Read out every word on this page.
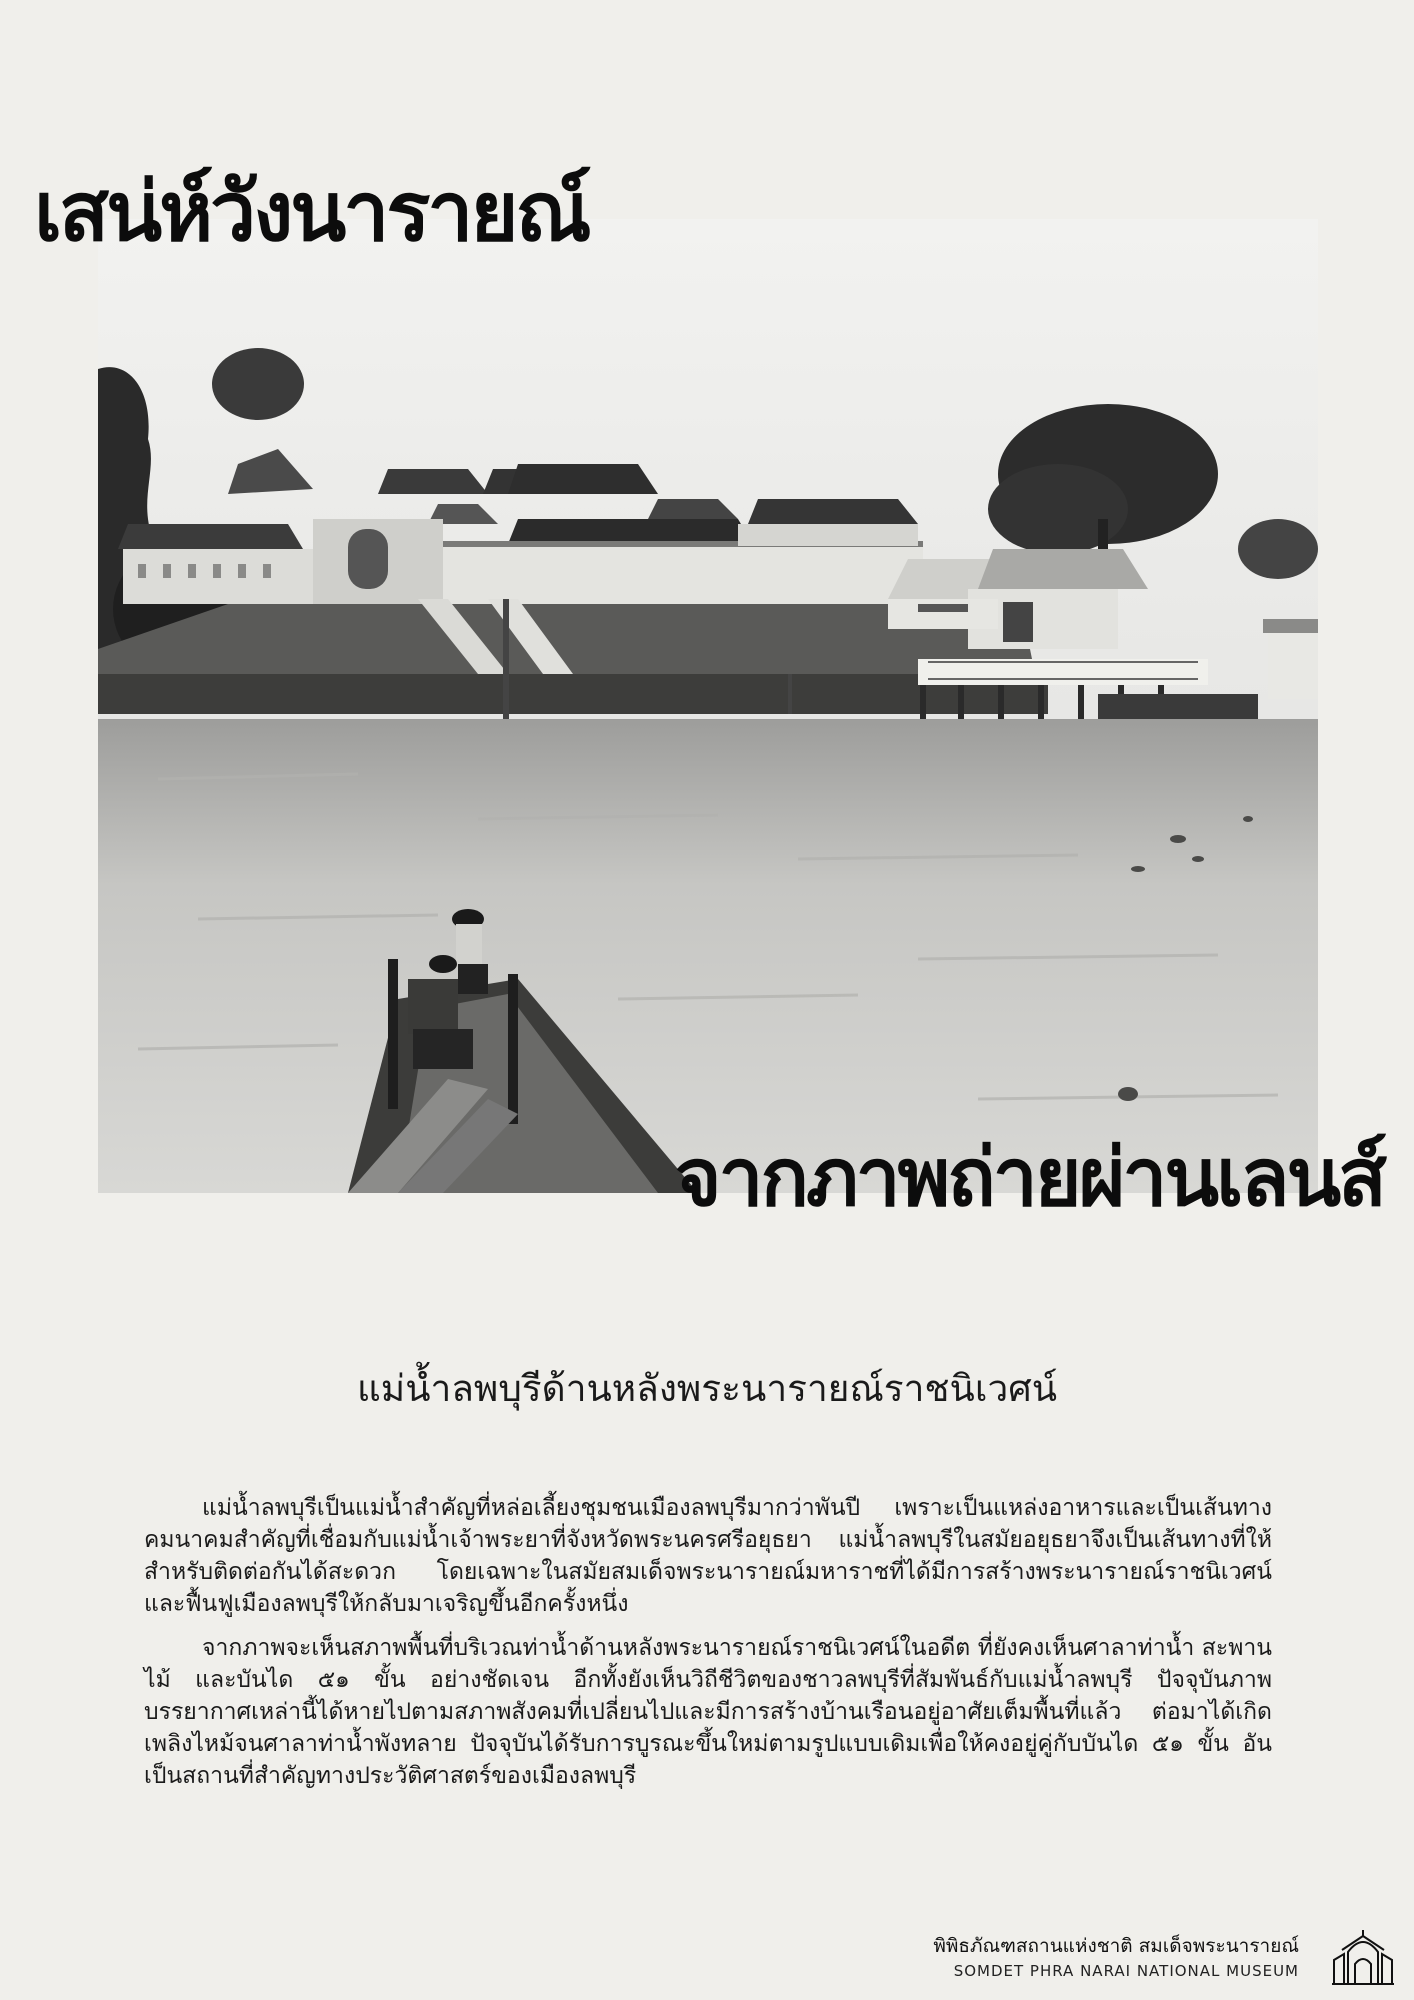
เสน่ห์วังนารายณ์
จากภาพถ่ายผ่านเลนส์
แม่น้ำลพบุรีด้านหลังพระนารายณ์ราชนิเวศน์

แม่น้ำลพบุรีเป็นแม่น้ำสำคัญที่หล่อเลี้ยงชุมชนเมืองลพบุรีมากว่าพันปี เพราะเป็นแหล่งอาหารและเป็นเส้นทางคมนาคมสำคัญที่เชื่อมกับแม่น้ำเจ้าพระยาที่จังหวัดพระนครศรีอยุธยา แม่น้ำลพบุรีในสมัยอยุธยาจึงเป็นเส้นทางที่ให้สำหรับติดต่อกันได้สะดวก โดยเฉพาะในสมัยสมเด็จพระนารายณ์มหาราชที่ได้มีการสร้างพระนารายณ์ราชนิเวศน์และฟื้นฟูเมืองลพบุรีให้กลับมาเจริญขึ้นอีกครั้งหนึ่ง

จากภาพจะเห็นสภาพพื้นที่บริเวณท่าน้ำด้านหลังพระนารายณ์ราชนิเวศน์ในอดีต ที่ยังคงเห็นศาลาท่าน้ำ สะพานไม้ และบันได ๕๑ ขั้น อย่างชัดเจน อีกทั้งยังเห็นวิถีชีวิตของชาวลพบุรีที่สัมพันธ์กับแม่น้ำลพบุรี ปัจจุบันภาพบรรยากาศเหล่านี้ได้หายไปตามสภาพสังคมที่เปลี่ยนไปและมีการสร้างบ้านเรือนอยู่อาศัยเต็มพื้นที่แล้ว ต่อมาได้เกิดเพลิงไหม้จนศาลาท่าน้ำพังทลาย ปัจจุบันได้รับการบูรณะขึ้นใหม่ตามรูปแบบเดิมเพื่อให้คงอยู่คู่กับบันได ๕๑ ขั้น อันเป็นสถานที่สำคัญทางประวัติศาสตร์ของเมืองลพบุรี

พิพิธภัณฑสถานแห่งชาติ สมเด็จพระนารายณ์
SOMDET PHRA NARAI NATIONAL MUSEUM
